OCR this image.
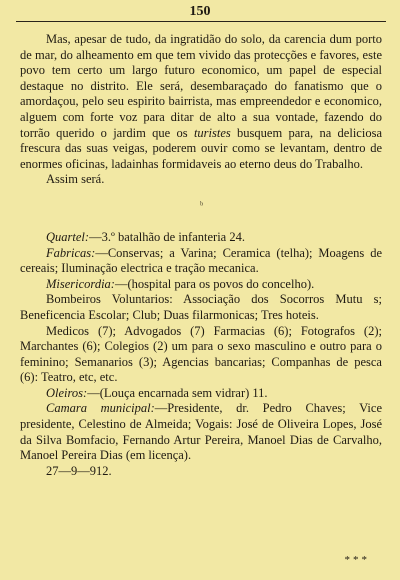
150

Mas, apesar de tudo, da ingratidão do solo, da carencia dum porto de mar, do alheamento em que tem vivido das protecções e favores, este povo tem certo um largo futuro economico, um papel de especial destaque no distrito. Ele será, desembaraçado do fanatismo que o amordaçou, pelo seu espirito bairrista, mas empreendedor e economico, alguem com forte voz para ditar de alto a sua vontade, fazendo do torrão querido o jardim que os turistes busquem para, na deliciosa frescura das suas veigas, poderem ouvir como se levantam, dentro de enormes oficinas, ladainhas formidaveis ao eterno deus do Trabalho.

Assim será.

ᵇ

Quartel:—3.º batalhão de infanteria 24.

Fabricas:—Conservas; a Varina; Ceramica (telha); Moagens de cereais; Iluminação electrica e tração mecanica.

Misericordia:—(hospital para os povos do concelho).

Bombeiros Voluntarios: Associação dos Socorros Mutu s; Beneficencia Escolar; Club; Duas filarmonicas; Tres hoteis.

Medicos (7); Advogados (7) Farmacias (6); Fotografos (2); Marchantes (6); Colegios (2) um para o sexo masculino e outro para o feminino; Semanarios (3); Agencias bancarias; Companhas de pesca (6): Teatro, etc, etc.

Oleiros:—(Louça encarnada sem vidrar) 11.

Camara municipal:—Presidente, dr. Pedro Chaves; Vice presidente, Celestino de Almeida; Vogais: José de Oliveira Lopes, José da Silva Bomfacio, Fernando Artur Pereira, Manoel Dias de Carvalho, Manoel Pereira Dias (em licença).

27—9—912.

***
